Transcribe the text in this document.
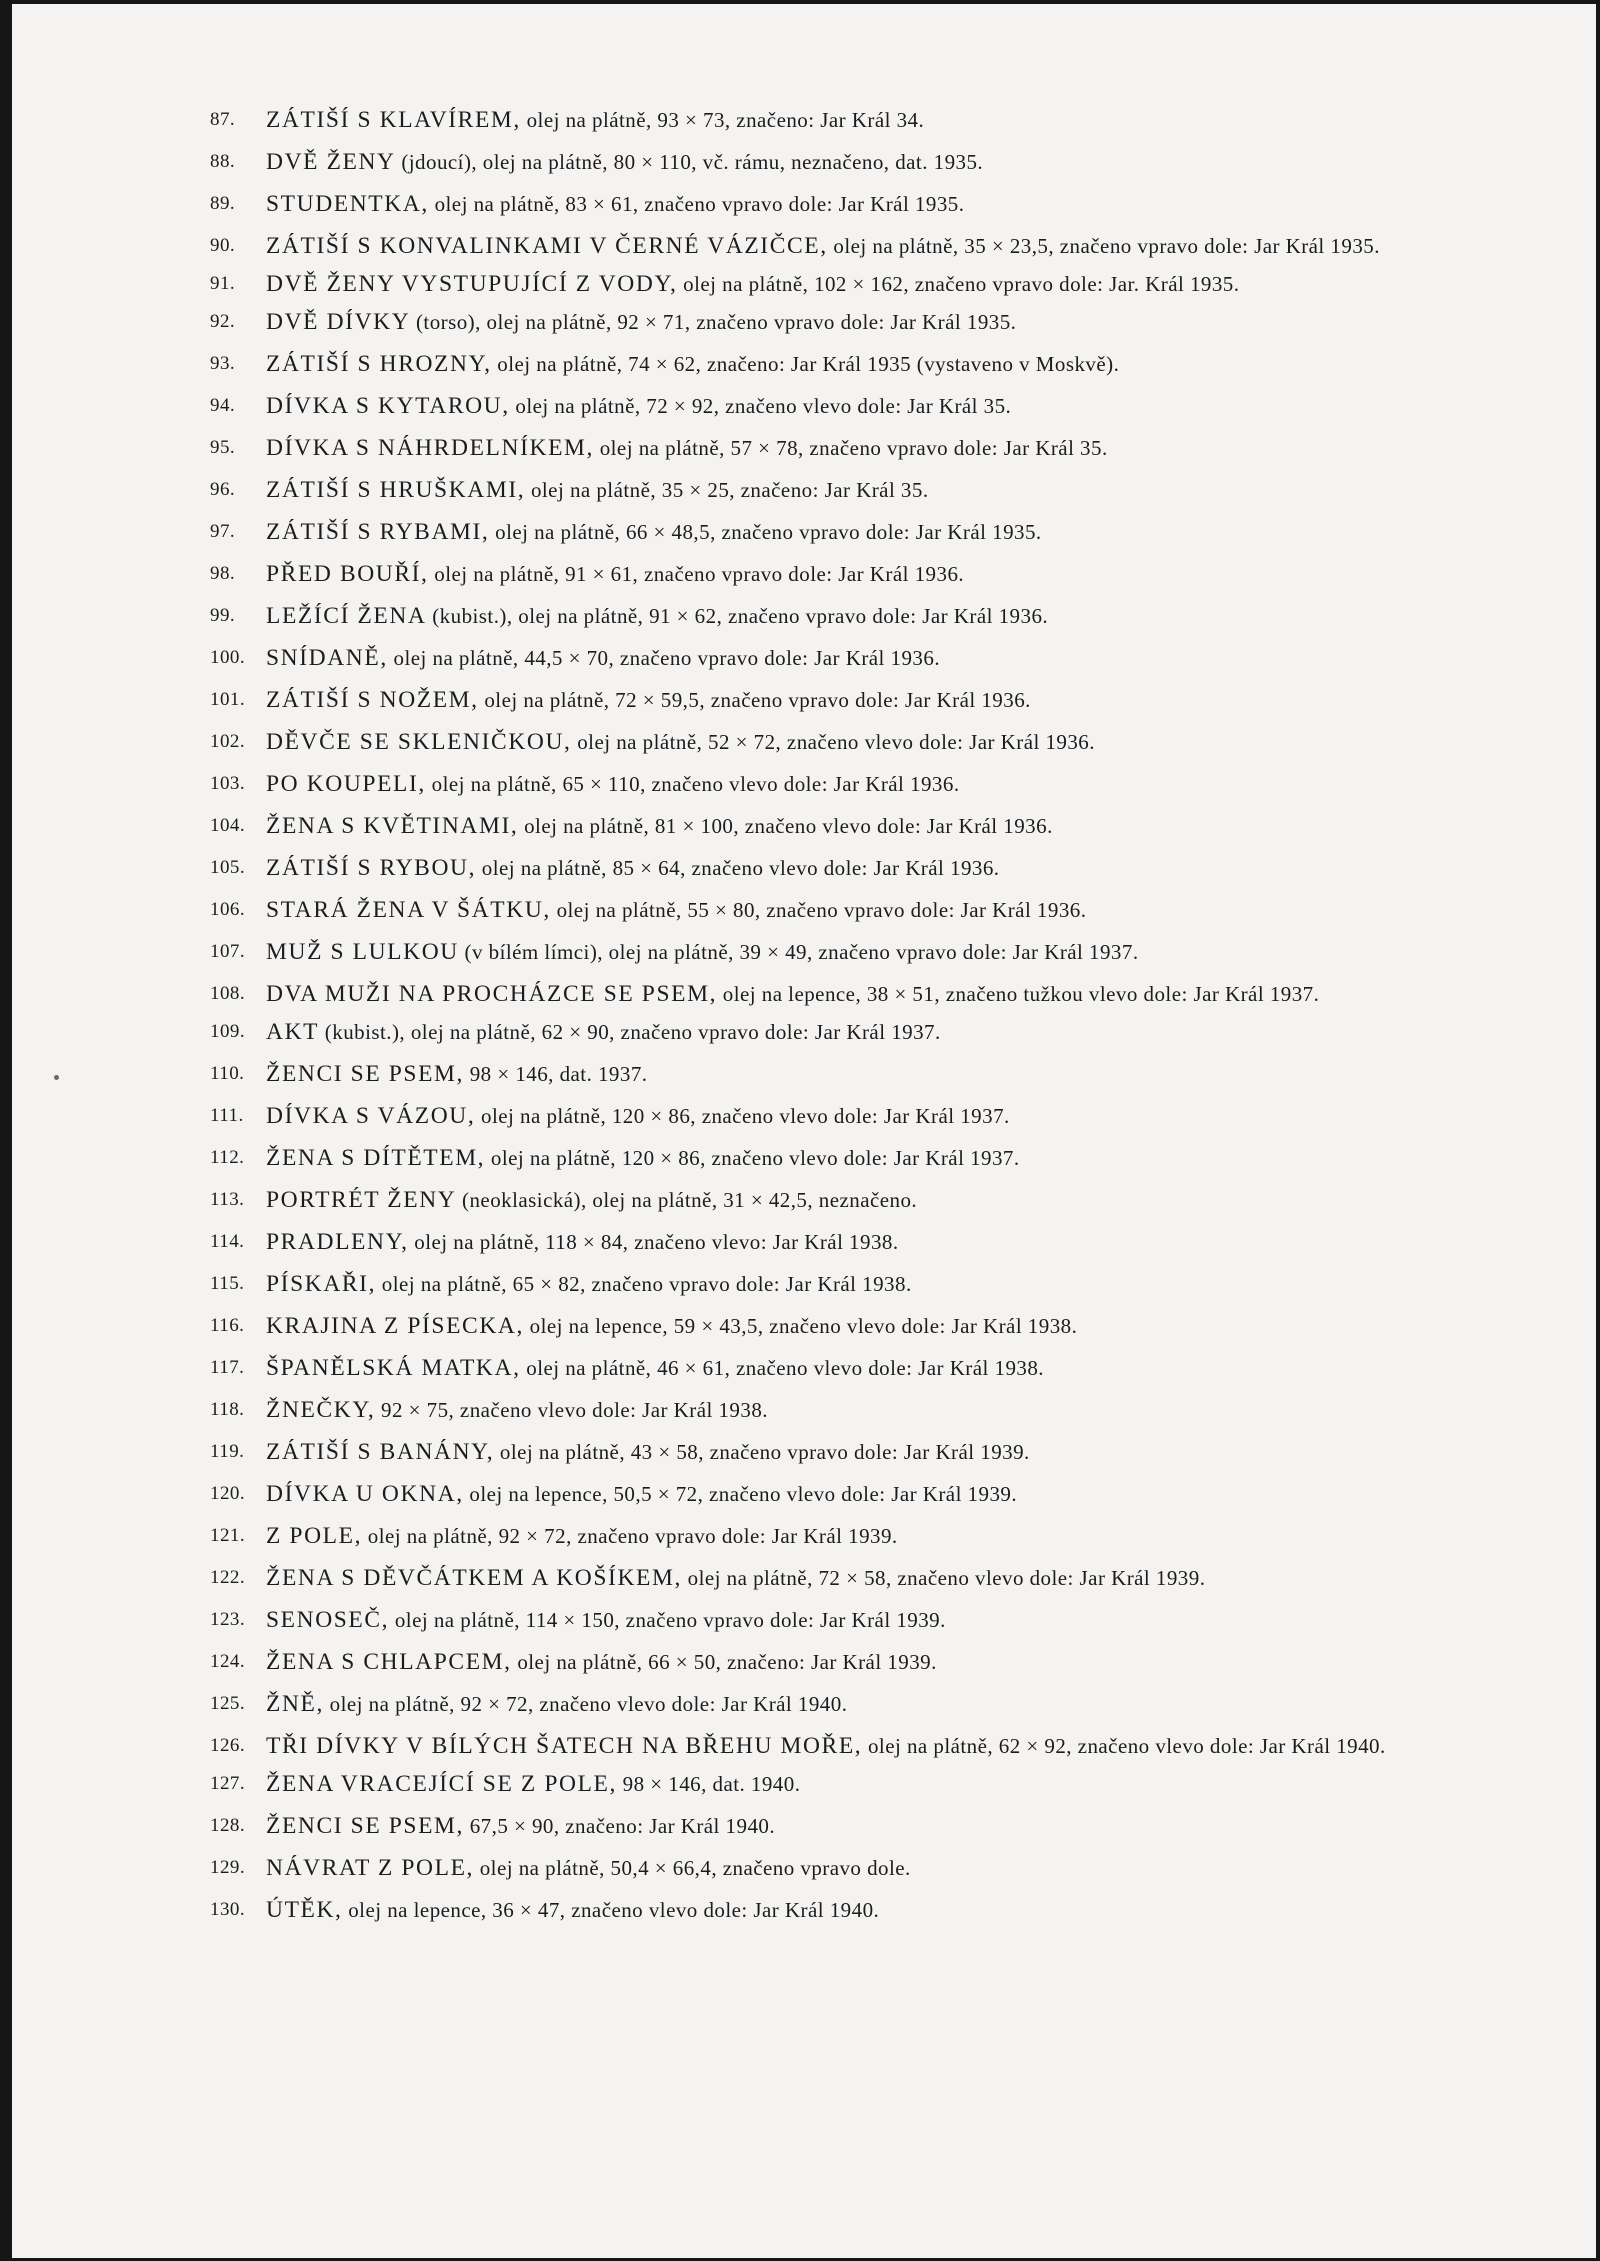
87.	ZÁTIŠÍ S KLAVÍREM, olej na plátně, 93 × 73, značeno: Jar Král 34.
88.	DVĚ ŽENY (jdoucí), olej na plátně, 80 × 110, vč. rámu, neznačeno, dat. 1935.
89.	STUDENTKA, olej na plátně, 83 × 61, značeno vpravo dole: Jar Král 1935.
90.	ZÁTIŠÍ S KONVALINKAMI V ČERNÉ VÁZIČCE, olej na plátně, 35 × 23,5, značeno vpravo dole: Jar Král 1935.
91.	DVĚ ŽENY VYSTUPUJÍCÍ Z VODY, olej na plátně, 102 × 162, značeno vpravo dole: Jar. Král 1935.
92.	DVĚ DÍVKY (torso), olej na plátně, 92 × 71, značeno vpravo dole: Jar Král 1935.
93.	ZÁTIŠÍ S HROZNY, olej na plátně, 74 × 62, značeno: Jar Král 1935 (vystaveno v Moskvě).
94.	DÍVKA S KYTAROU, olej na plátně, 72 × 92, značeno vlevo dole: Jar Král 35.
95.	DÍVKA S NÁHRDELNÍKEM, olej na plátně, 57 × 78, značeno vpravo dole: Jar Král 35.
96.	ZÁTIŠÍ S HRUŠKAMI, olej na plátně, 35 × 25, značeno: Jar Král 35.
97.	ZÁTIŠÍ S RYBAMI, olej na plátně, 66 × 48,5, značeno vpravo dole: Jar Král 1935.
98.	PŘED BOUŘÍ, olej na plátně, 91 × 61, značeno vpravo dole: Jar Král 1936.
99.	LEŽÍCÍ ŽENA (kubist.), olej na plátně, 91 × 62, značeno vpravo dole: Jar Král 1936.
100. SNÍDANĚ, olej na plátně, 44,5 × 70, značeno vpravo dole: Jar Král 1936.
101. ZÁTIŠÍ S NOŽEM, olej na plátně, 72 × 59,5, značeno vpravo dole: Jar Král 1936.
102. DĚVČE SE SKLENIČKOU, olej na plátně, 52 × 72, značeno vlevo dole: Jar Král 1936.
103. PO KOUPELI, olej na plátně, 65 × 110, značeno vlevo dole: Jar Král 1936.
104. ŽENA S KVĚTINAMI, olej na plátně, 81 × 100, značeno vlevo dole: Jar Král 1936.
105. ZÁTIŠÍ S RYBOU, olej na plátně, 85 × 64, značeno vlevo dole: Jar Král 1936.
106. STARÁ ŽENA V ŠÁTKU, olej na plátně, 55 × 80, značeno vpravo dole: Jar Král 1936.
107. MUŽ S LULKOU (v bílém límci), olej na plátně, 39 × 49, značeno vpravo dole: Jar Král 1937.
108. DVA MUŽI NA PROCHÁZCE SE PSEM, olej na lepence, 38 × 51, značeno tužkou vlevo dole: Jar Král 1937.
109. AKT (kubist.), olej na plátně, 62 × 90, značeno vpravo dole: Jar Král 1937.
110. ŽENCI SE PSEM, 98 × 146, dat. 1937.
111. DÍVKA S VÁZOU, olej na plátně, 120 × 86, značeno vlevo dole: Jar Král 1937.
112. ŽENA S DÍTĚTEM, olej na plátně, 120 × 86, značeno vlevo dole: Jar Král 1937.
113. PORTRÉT ŽENY (neoklasická), olej na plátně, 31 × 42,5, neznačeno.
114. PRADLENY, olej na plátně, 118 × 84, značeno vlevo: Jar Král 1938.
115. PÍSKAŘI, olej na plátně, 65 × 82, značeno vpravo dole: Jar Král 1938.
116. KRAJINA Z PÍSECKA, olej na lepence, 59 × 43,5, značeno vlevo dole: Jar Král 1938.
117. ŠPANĚLSKÁ MATKA, olej na plátně, 46 × 61, značeno vlevo dole: Jar Král 1938.
118. ŽNEČKY, 92 × 75, značeno vlevo dole: Jar Král 1938.
119. ZÁTIŠÍ S BANÁNY, olej na plátně, 43 × 58, značeno vpravo dole: Jar Král 1939.
120. DÍVKA U OKNA, olej na lepence, 50,5 × 72, značeno vlevo dole: Jar Král 1939.
121. Z POLE, olej na plátně, 92 × 72, značeno vpravo dole: Jar Král 1939.
122. ŽENA S DĚVČÁTKEM A KOŠÍKEM, olej na plátně, 72 × 58, značeno vlevo dole: Jar Král 1939.
123. SENOSEČ, olej na plátně, 114 × 150, značeno vpravo dole: Jar Král 1939.
124. ŽENA S CHLAPCEM, olej na plátně, 66 × 50, značeno: Jar Král 1939.
125. ŽNĚ, olej na plátně, 92 × 72, značeno vlevo dole: Jar Král 1940.
126. TŘI DÍVKY V BÍLÝCH ŠATECH NA BŘEHU MOŘE, olej na plátně, 62 × 92, značeno vlevo dole: Jar Král 1940.
127. ŽENA VRACEJÍCÍ SE Z POLE, 98 × 146, dat. 1940.
128. ŽENCI SE PSEM, 67,5 × 90, značeno: Jar Král 1940.
129. NÁVRAT Z POLE, olej na plátně, 50,4 × 66,4, značeno vpravo dole.
130. ÚTĚK, olej na lepence, 36 × 47, značeno vlevo dole: Jar Král 1940.
